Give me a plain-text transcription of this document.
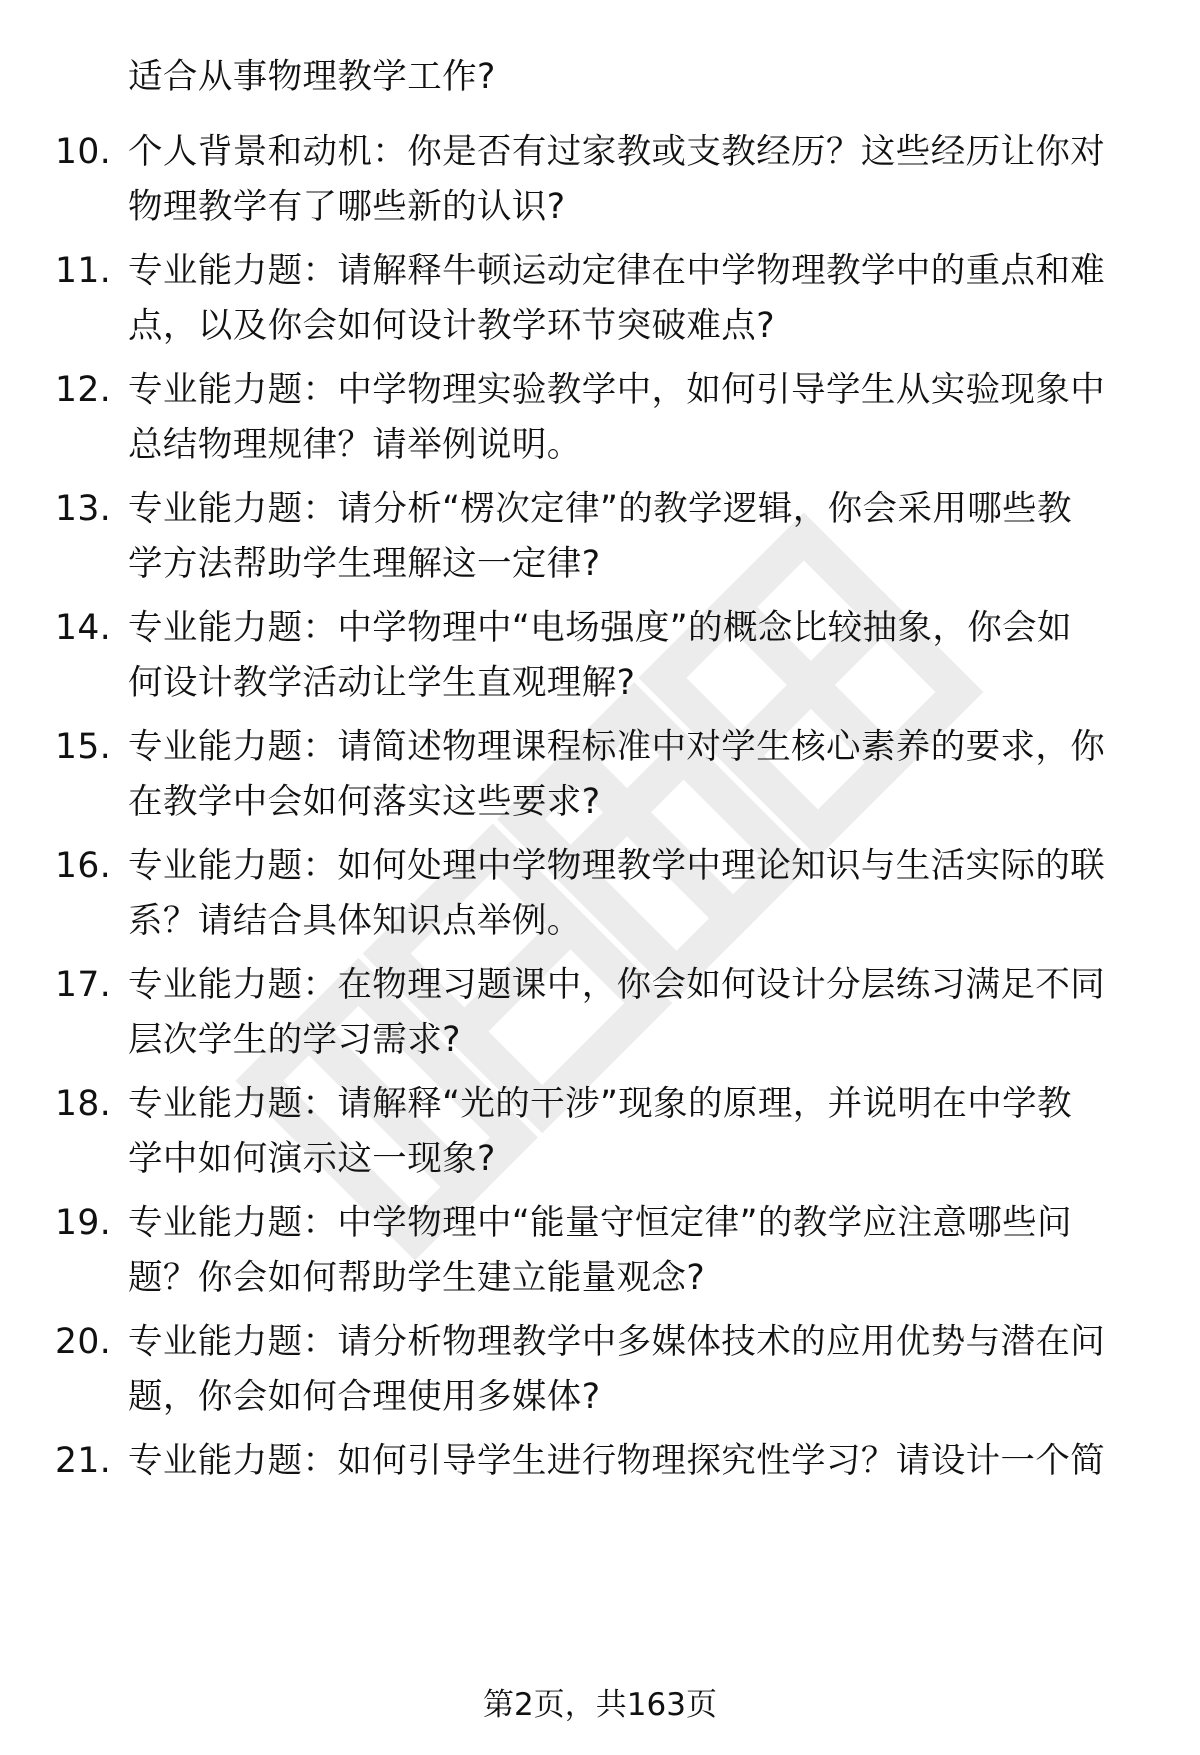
适合从事物理教学工作?
10. 个人背景和动机：你是否有过家教或支教经历？这些经历让你对
物理教学有了哪些新的认识?
11. 专业能力题：请解释牛顿运动定律在中学物理教学中的重点和难
点，以及你会如何设计教学环节突破难点?
12. 专业能力题：中学物理实验教学中，如何引导学生从实验现象中
总结物理规律？请举例说明。
13. 专业能力题：请分析“楞次定律”的教学逻辑，你会采用哪些教
学方法帮助学生理解这一定律?
14. 专业能力题：中学物理中“电场强度”的概念比较抽象，你会如
何设计教学活动让学生直观理解?
15. 专业能力题：请简述物理课程标准中对学生核心素养的要求，你
在教学中会如何落实这些要求?
16. 专业能力题：如何处理中学物理教学中理论知识与生活实际的联
系？请结合具体知识点举例。
17. 专业能力题：在物理习题课中，你会如何设计分层练习满足不同
层次学生的学习需求?
18. 专业能力题：请解释“光的干涉”现象的原理，并说明在中学教
学中如何演示这一现象?
19. 专业能力题：中学物理中“能量守恒定律”的教学应注意哪些问
题？你会如何帮助学生建立能量观念?
20. 专业能力题：请分析物理教学中多媒体技术的应用优势与潜在问
题，你会如何合理使用多媒体?
21. 专业能力题：如何引导学生进行物理探究性学习？请设计一个简
第2页，共163页
